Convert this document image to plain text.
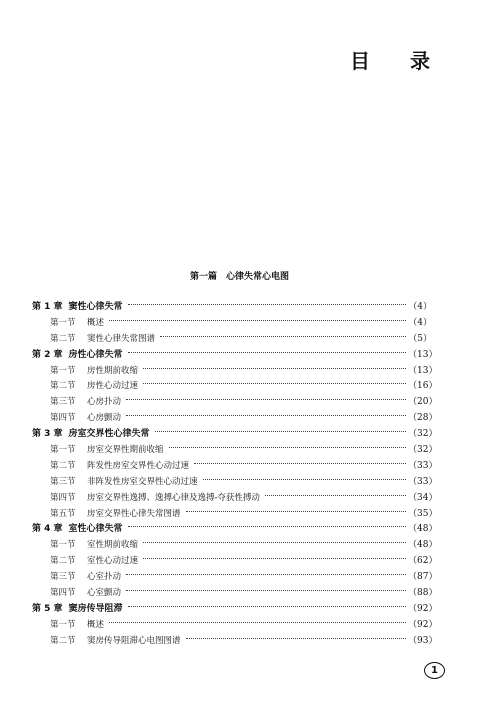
目 录
第一篇　心律失常心电图
第 1 章 窦性心律失常	（4）
第一节	概述	（4）
第二节	窦性心律失常图谱	（5）
第 2 章 房性心律失常	（13）
第一节	房性期前收缩	（13）
第二节	房性心动过速	（16）
第三节	心房扑动	（20）
第四节	心房颤动	（28）
第 3 章 房室交界性心律失常	（32）
第一节	房室交界性期前收缩	（32）
第二节	阵发性房室交界性心动过速	（33）
第三节	非阵发性房室交界性心动过速	（33）
第四节	房室交界性逸搏、逸搏心律及逸搏-夺获性搏动	（34）
第五节	房室交界性心律失常图谱	（35）
第 4 章 室性心律失常	（48）
第一节	室性期前收缩	（48）
第二节	室性心动过速	（62）
第三节	心室扑动	（87）
第四节	心室颤动	（88）
第 5 章 窦房传导阻滞	（92）
第一节	概述	（92）
第二节	窦房传导阻滞心电图图谱	（93）
1
